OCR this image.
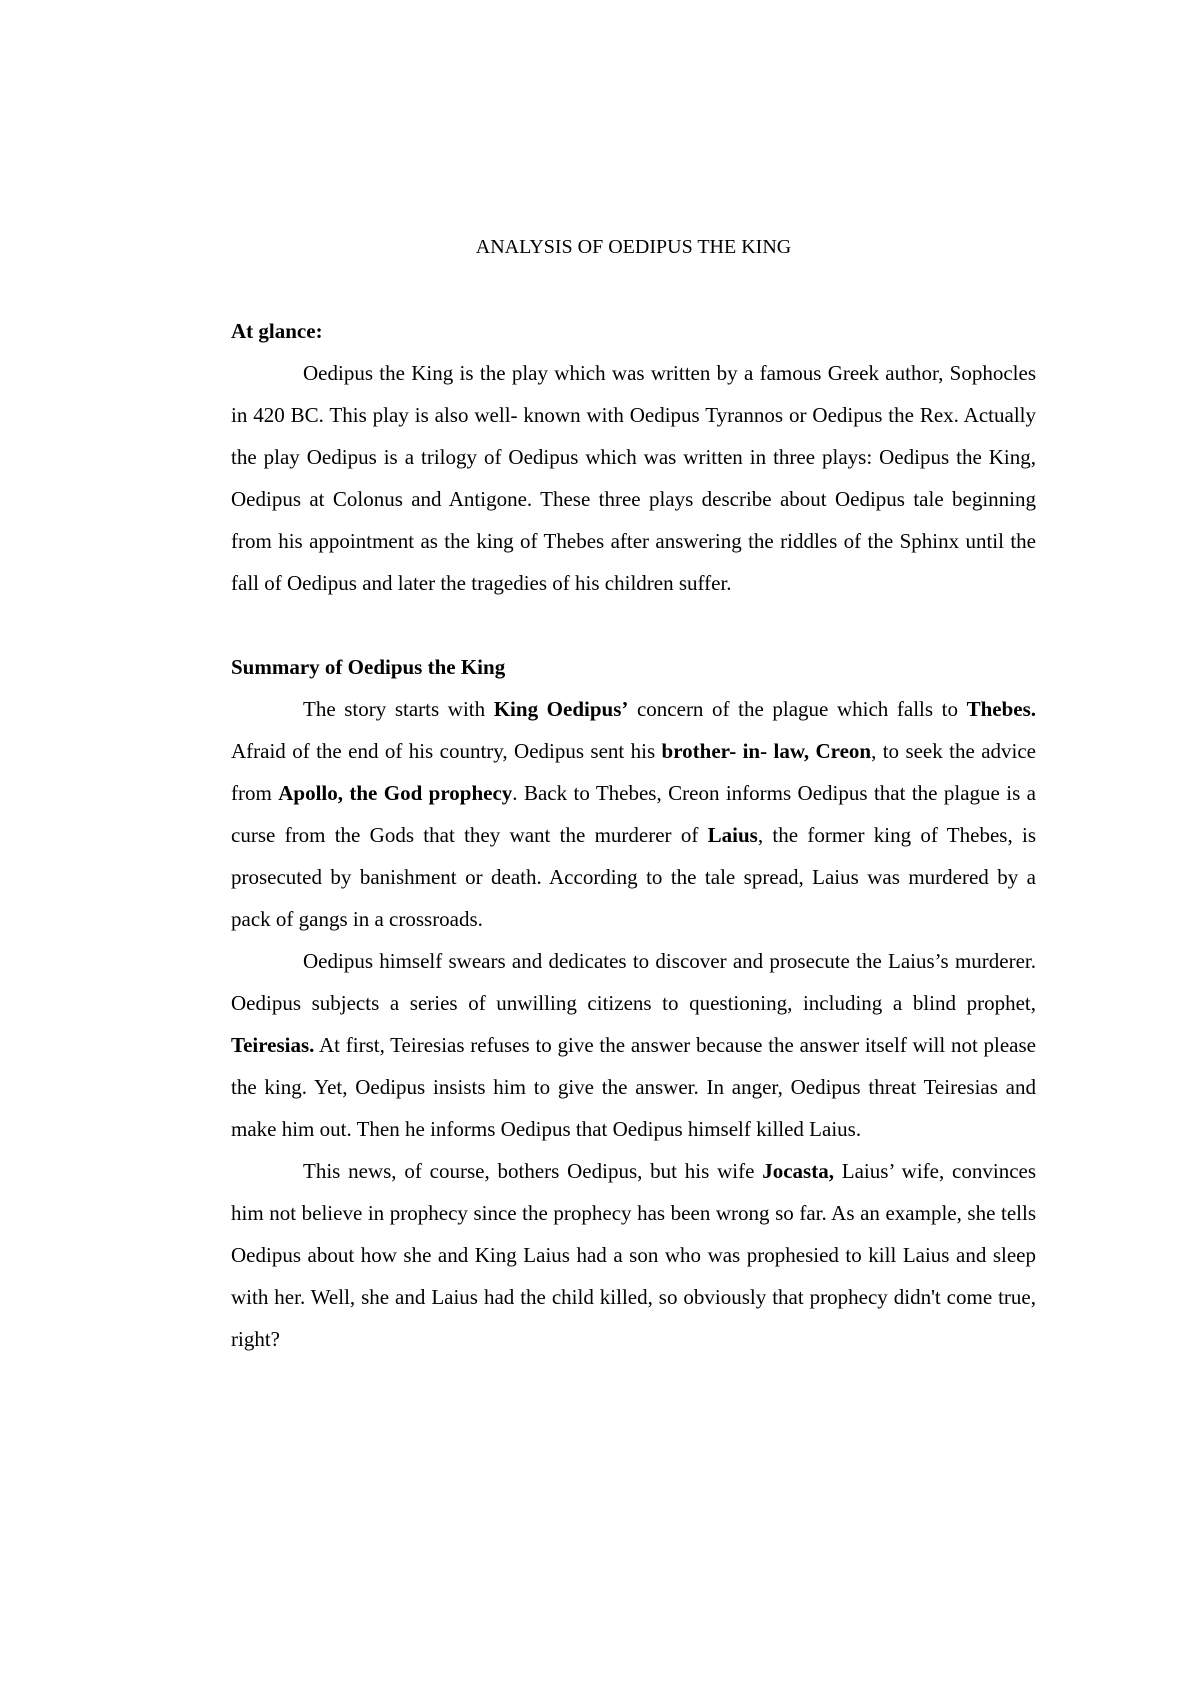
ANALYSIS OF OEDIPUS THE KING
At glance:

Oedipus the King is the play which was written by a famous Greek author, Sophocles in 420 BC. This play is also well- known with Oedipus Tyrannos or Oedipus the Rex. Actually the play Oedipus is a trilogy of Oedipus which was written in three plays: Oedipus the King, Oedipus at Colonus and Antigone. These three plays describe about Oedipus tale beginning from his appointment as the king of Thebes after answering the riddles of the Sphinx until the fall of Oedipus and later the tragedies of his children suffer.

Summary of Oedipus the King

The story starts with King Oedipus’ concern of the plague which falls to Thebes. Afraid of the end of his country, Oedipus sent his brother- in- law, Creon, to seek the advice from Apollo, the God prophecy. Back to Thebes, Creon informs Oedipus that the plague is a curse from the Gods that they want the murderer of Laius, the former king of Thebes, is prosecuted by banishment or death. According to the tale spread, Laius was murdered by a pack of gangs in a crossroads.

Oedipus himself swears and dedicates to discover and prosecute the Laius’s murderer. Oedipus subjects a series of unwilling citizens to questioning, including a blind prophet, Teiresias. At first, Teiresias refuses to give the answer because the answer itself will not please the king. Yet, Oedipus insists him to give the answer. In anger, Oedipus threat Teiresias and make him out. Then he informs Oedipus that Oedipus himself killed Laius.

This news, of course, bothers Oedipus, but his wife Jocasta, Laius’ wife, convinces him not believe in prophecy since the prophecy has been wrong so far. As an example, she tells Oedipus about how she and King Laius had a son who was prophesied to kill Laius and sleep with her. Well, she and Laius had the child killed, so obviously that prophecy didn't come true, right?
